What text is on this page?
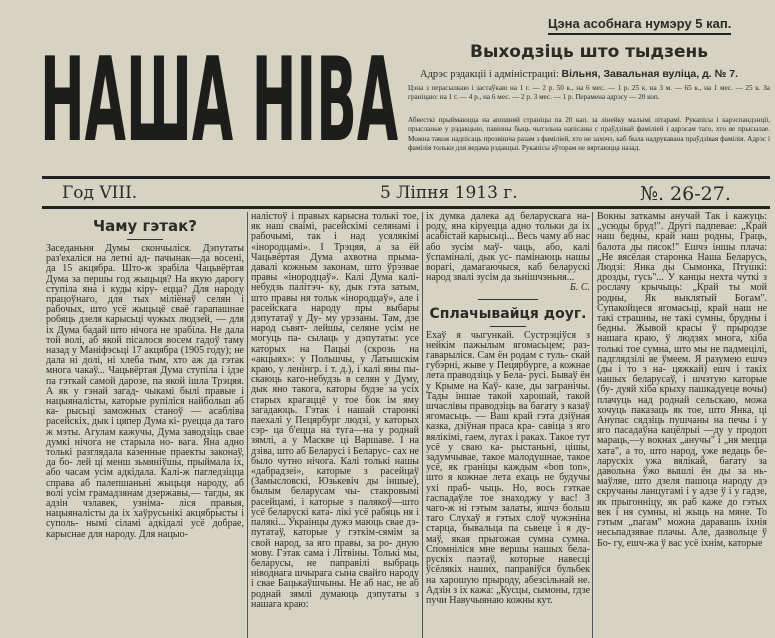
НАША НІВА
Цэна асобнага нумэру 5 кап.
Выходзіць што тыдзень
Адрэс рэдакціі і адміністрациі: Вільня, Завальная вуліца, д. № 7.
Цэна з перасылкаю і застаўкаю на 1 г. — 2 р. 50 к., на 6 мес. — 1 р. 25 к. на 3 м. — 65 к., на 1 мес. — 25 к. За граніцаю: на 1 г. — 4 р., на 6 мес. — 2 р. 3 мес. — 1 р. Пераменa адрэсу — 20 коп.
Абвесткі прыймаюцца на апошняй страніцы па 20 кап. за лінейку малымі літарамі. Рукапісы і карэспандэнціі, прысланые у рэдакцыю, павінны быць чытэльна напісаны с праўдзівай фаміліей і адрэсам таго, хто яе прысылае. Можна також надпісаць прозвішча разам з фаміліей, хто не захочэ, каб была надрукавана праўдзівая фамілія. Адрэс і фамілія тольки для ведама рэдакцыі. Рукапісы аўторам не вяртаюцца назад.
Год VIII.	5 Ліпня 1913 г.	№. 26-27.
Чаму гэтак?
Заседаньня Думы скончыліся. Дэпутаты раз'ехаліся на летні ад- пачынак—да восені, да 15 акцябра. Што-ж зрабіла Чацьвёртая Дума за першы год жыцьця? На якую дарогу ступіла яна і куды кіру- ецца? Для народу працоўнаго, для тых міліёнаў селян і рабочых, што усё жыцьцё сваё гарапашнае робяць дзеля карысьці чужых людзей, — для іх Дума бадай што нічога не зрабіла. Не дала той волі, аб якой пісалося восем гадоў таму назад у Маніфэсьці 17 акцябра (1905 году); не дала ні долі, ні хлеба тым, хто аж да гэтак многа чакаў... Чацьвёртая Дума ступіла і ідзе па гэткай самой дарозе, па якой ішла Трэцяя. А як у гэнай загад- чыкамі былі правые і нацыяналісты, каторые рупіліся найбольш аб ка- рысьці заможных станоў — асабліва расейскіх, дык і цяпер Дума кі- руецца да таго ж мэты. Агулам кажучы, Дума заводзіць свае думкі нічога не старыла но- вага. Яна адно толькі разглядала казенные праекты законаў, дa бо- лей ці менш зьмяніўшы, прыймала іх, або часам усім адкідала. Калі-ж пагледзіцца справа аб палепшаньні жыцьця народу, аб волі усім грамадзянам дзержавы,— тагды, як адзін чэлавек, узнімa- ліся правыя, нацыяналісты да іх хаўрусьнікі акцябрысты і суполь- нымі сіламі адкідалі усё добрае, карыснае для народу. Для нацыо-
налістоў і правых карысна толькі тое, як наш сваімі, расейскімі селянамі і рабочымі, так і над усялякімі «інородцамі». І Трэцяя, а за ёй Чацьвёртая Дума ахвотна прыма- давалі кожным законам, што ўрэзвае правы «інородцаў». Калі Дума калі-небудзь палітэч- ку, дык гэта затым, што правы ня тольк «інородцаў», але і расейскага народу пры выбары дэпутатаў у Ду- му урэзаны. Там, дзе народ сьвят- лейшы, селяне усім не могуць па- сылаць у дэпутаты: усе каторых на Пацыі (скрозь на «акцыях»: у Польшчы, у Латышскім краю, у ленінгр. і т. д.), і калі яны пы- скаюць каго-небудзь в селян у Думу, дык яно такога, каторы будзе за усіх старых крагаццё у тое бок ім яму загадаюць. Гэтак і нашай старонкі паехалі у Пецярбург людзі, у каторых сэр- ца б'ецца на туга—на у роднай зямлі, а у Маскве ці Варшаве. І на дзіва, што аб Беларусі і Беларус- сах не было чутно нічога. Калі толькі нашы «дабрадзеі», каторые з расейцаў (Замысловскі, Юзькевіч ды іншые), былым беларусам чы- стакровымі расейцамі, і каторые з палякоў—што усё беларускі ката- лікі усё рабяць ня і палякі... Украінцы дужэ маюць свае дэ- путатаў, каторые у гэткім-сямім за свой народ, за яго правы, за ро- дную мову. Гэтак сама і Літвіны. Толькі мы, беларусы, не паправілі выбраць ніводнага шчырага сына свайго народу і свае Бацькаўшчыны. Не аб нас, не аб роднай зямлі думаюць дэпутаты з нашага краю:
іх думка далека ад беларускага на- роду, яна кіруецца адно тольки да іх асабістай карысьці... Весь чаму аб нас або зусім маў- чаць, або, калі ўспаміналі, дык ус- памінаюць нашы ворагі, дамагаючыся, каб беларускі народ звалі зусім да зьнішчэньня...
Б. С.
Сплачывайця доуг.
Ехаў я чыгункай. Сустрэціўся з нейкім пажылым ягомасьцем; раз- гаварыліся. Сам ён родам с туль- скай губэрні, жыве у Пецярбурге, а кожнае лета праводзіць у Бела- русі. Бываў ён у Крыме на Каў- казе, ды загранічы. Тады іншае такой харошай, такой шчаслівы праводзіць ва багату з казаў ягомасьць. — Ваш край гэта дзіўная казка, дзіўная праса кра- савіца з яго вялікімі, гаем, лугах і раках. Такое тут усё у сваю ка- рыстаньні, цішы, задумчывае, такое малодушнае, такое усё, як граніцы каждым «bon ton», што я кожнае лета ехаць не будучы ухі праб- чыць. Но, вось гэткае гаспадаўле тое знаходжу у вас! З чаго-ж ні гэтым залаты, яшчэ больш таго Слухаў я гэтых слоў чужэніна старца, бывальца па сьвеце і я ду- маў, якая прыгожая сумна сумна. Спомніліся мне вершы нашых бела- рускіх паэтаў, которые навесці ўсёлякіх наших, паправіўся бульбек на харошую прыроду, абезсільнай не. Адзін з іх кажа: „Кусцы, сымоны, гдзе пучи Навучыянаю кожны кут.
Вокны заткамы анучай Так і кажуць: „усюды бруд!". Другі падпевае: „Край наш бедны, край наш родны, Граць, балота ды пясок!" Ешчэ іншы плача: „Не вясёлая старонка Наша Беларусь, Людзі: Янка ды Сымонка, Птушкі: дрозды, гусь"... У канцы нехта чуткі з рослачу крычыць: „Край ты мой родны, Як выклятый Богам". Супакойцеся ягомасьці, край наш не такі страшны, не такі сумны, брудны і бедны. Жывой красы ў прыродзе нашага краю, ў людзях многа, хіба толькі тое сумна, што мы не падмецілі, падглядзілі яе ўмеем. Я разумею ешчэ (ды і то з на- цяжкай) ешч і такіх нашых беларусаў, і шчэтую каторые (бу- дуяй хіба крыху пашкадуеце вочы) плачуць над роднай сельскаю, можа хочуць паказаць як тое, што Янка, ці Анупас сядзіць пушчаны на печы і у яго пасадаўна кацёлрыі —ду у продоп мараць,—у вокнах „анучы" і „ня мецца хата", а то, што народ, уже ведаць бе- ларускіх ужа вялікай, багату за давольна ўжо вышлі ён ды за нь- маўляе, што дзеля пашоца народу дэ скручаны ланцугамі і у адзе ў і у гадзе, як прыгонніцу, як раб каже до гэтых век і ня сумны, ні жыць на мяне. То гэтым „пагам" можна даравашь іхнія несьпадзявае плачы. Але, дазвольце ў Бо- гу, ешч-жа ў вас усё іхнім, каторые
